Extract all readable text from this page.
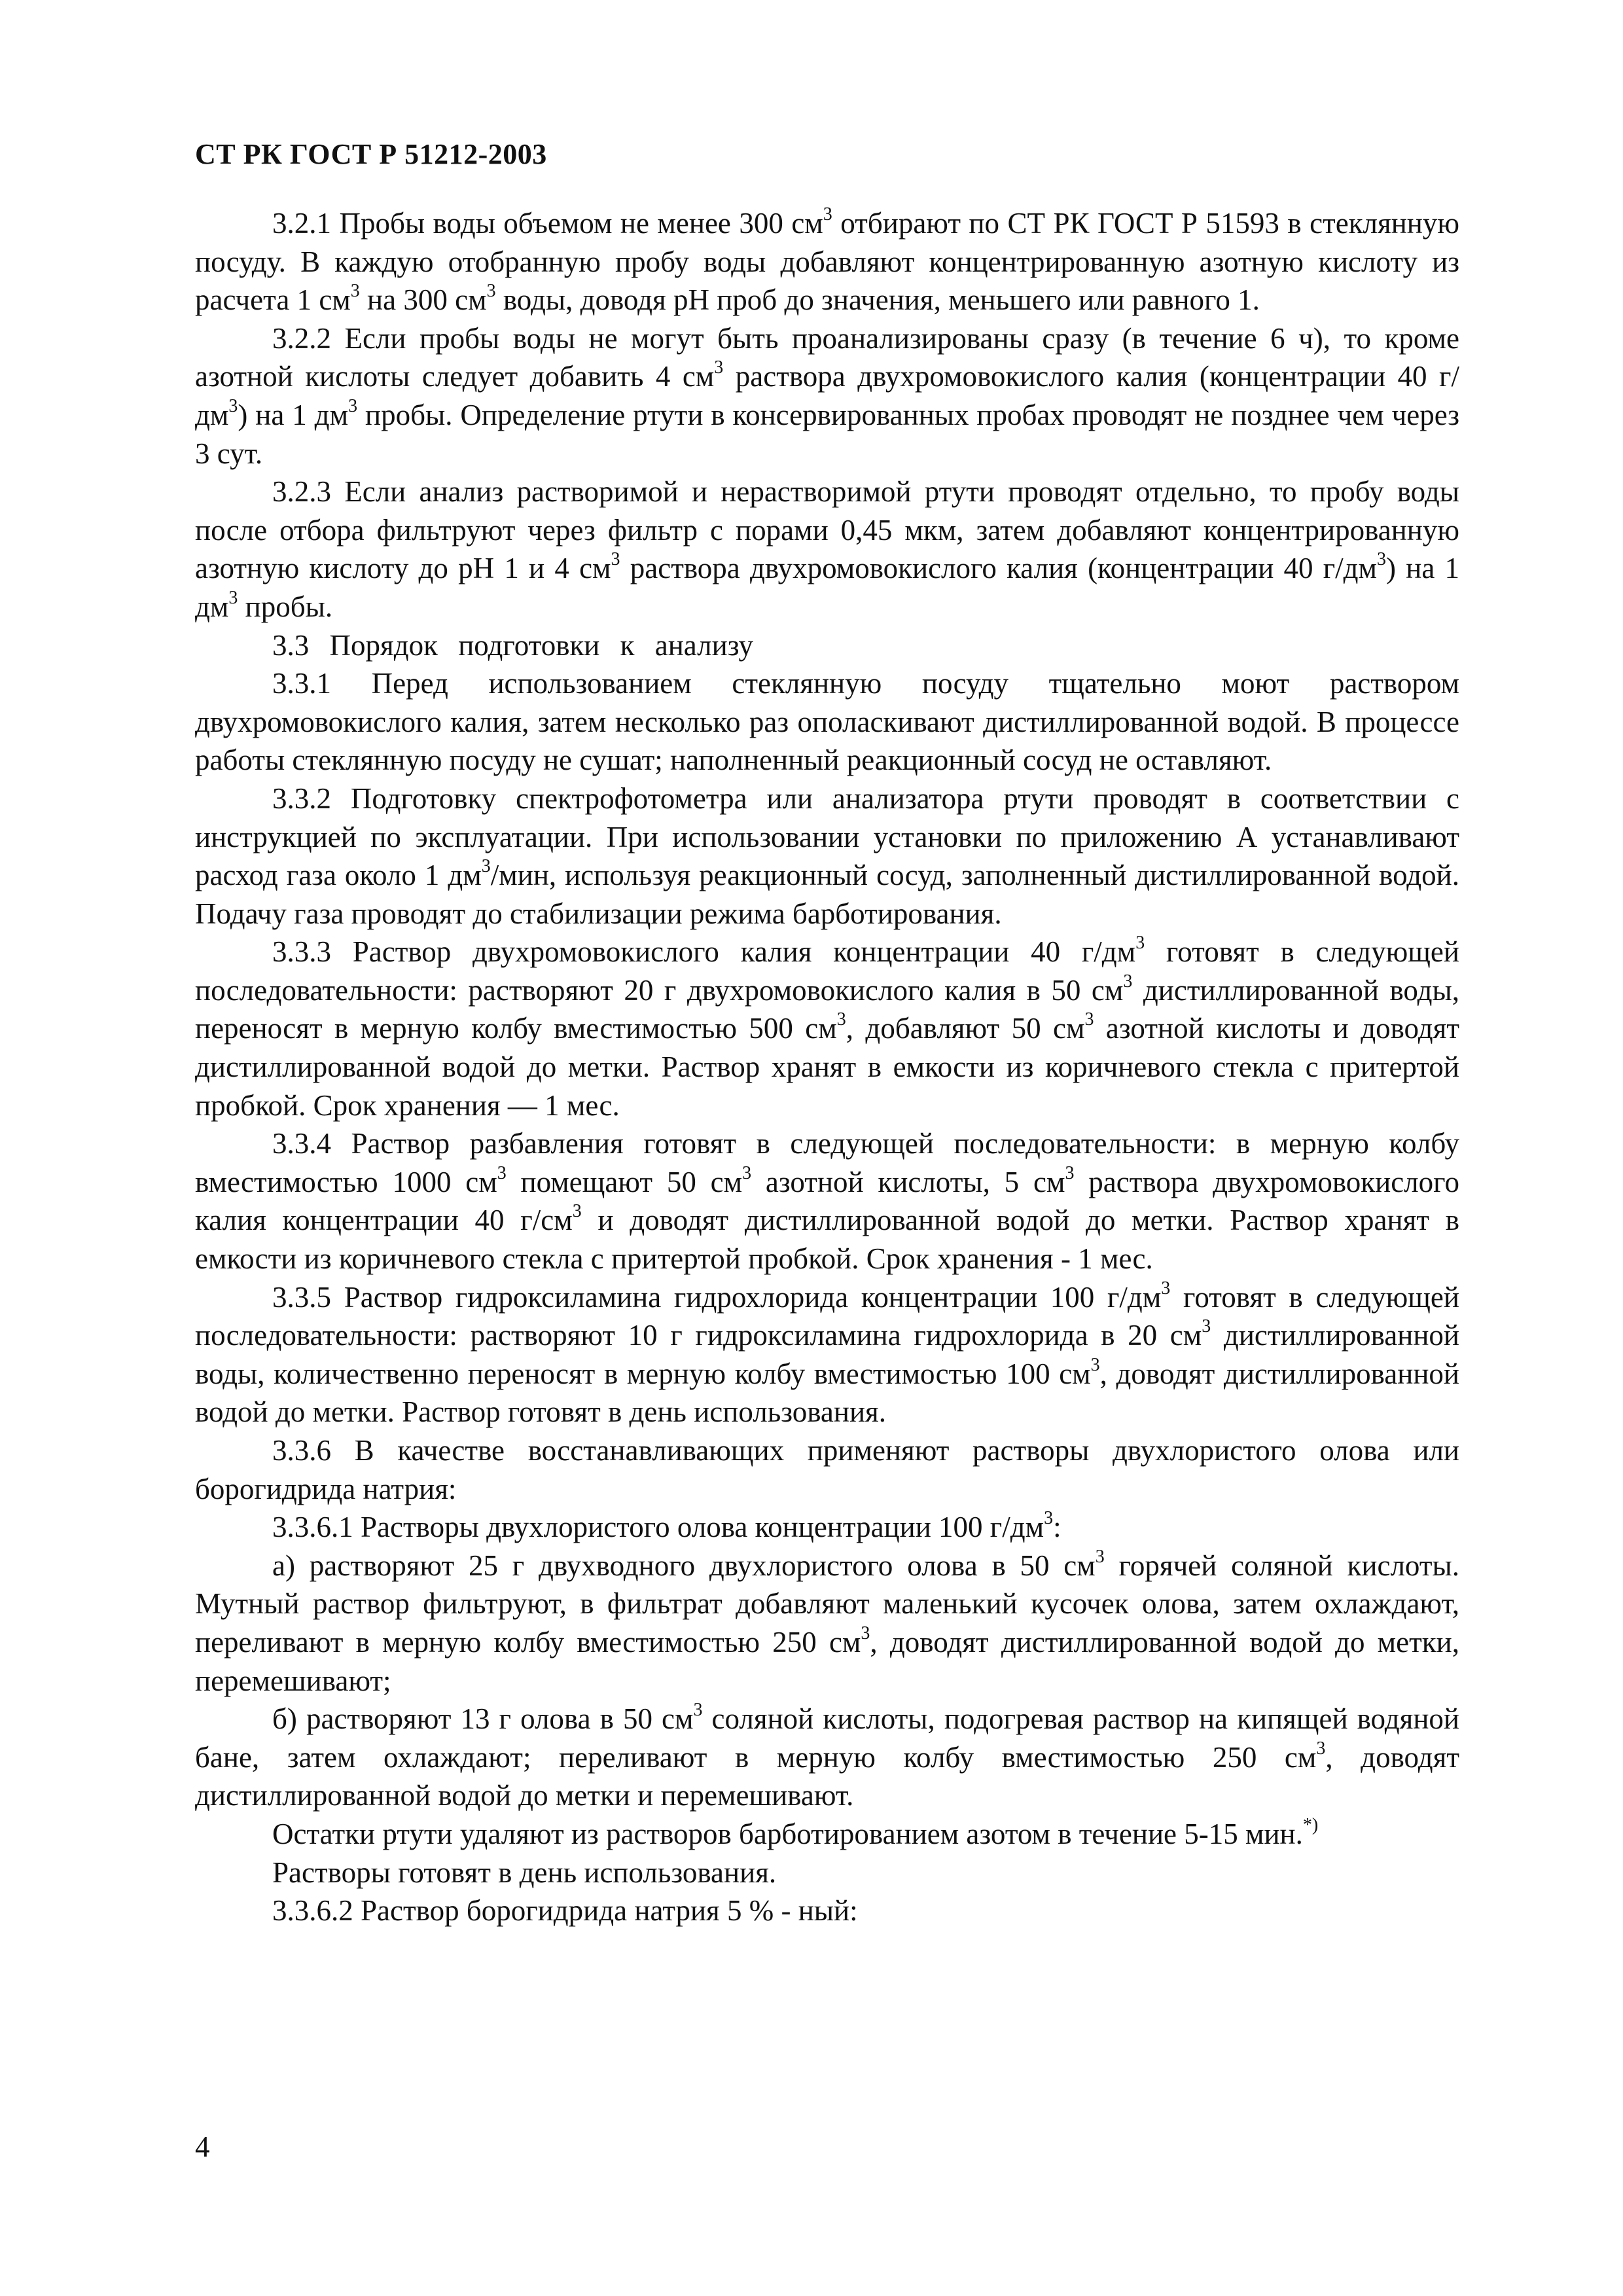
СТ РК ГОСТ Р 51212-2003

3.2.1 Пробы воды объемом не менее 300 $см^3$ отбирают по СТ РК ГОСТ Р 51593 в стеклянную посуду. В каждую отобранную пробу воды добавляют концентрированную азотную кислоту из расчета 1 $см^3$ на 300 $см^3$ воды, доводя pH проб до значения, меньшего или равного 1.

3.2.2 Если пробы воды не могут быть проанализированы сразу (в течение 6 ч), то кроме азотной кислоты следует добавить 4 $см^3$ раствора двухромовокислого калия (концентрации 40 $г/дм^3$) на 1 $дм^3$ пробы. Определение ртути в консервированных пробах проводят не позднее чем через 3 сут.

3.2.3 Если анализ растворимой и нерастворимой ртути проводят отдельно, то пробу воды после отбора фильтруют через фильтр с порами 0,45 мкм, затем добавляют концентрированную азотную кислоту до pH 1 и 4 $см^3$ раствора двухромовокислого калия (концентрации 40 $г/дм^3$) на 1 $дм^3$ пробы.

3.3 Порядок подготовки к анализу

3.3.1 Перед использованием стеклянную посуду тщательно моют раствором двухромовокислого калия, затем несколько раз ополаскивают дистиллированной водой. В процессе работы стеклянную посуду не сушат; наполненный реакционный сосуд не оставляют.

3.3.2 Подготовку спектрофотометра или анализатора ртути проводят в соответствии с инструкцией по эксплуатации. При использовании установки по приложению А устанавливают расход газа около 1 $дм^3$/мин, используя реакционный сосуд, заполненный дистиллированной водой. Подачу газа проводят до стабилизации режима барботирования.

3.3.3 Раствор двухромовокислого калия концентрации 40 $г/дм^3$ готовят в следующей последовательности: растворяют 20 г двухромовокислого калия в 50 $см^3$ дистиллированной воды, переносят в мерную колбу вместимостью 500 $см^3$, добавляют 50 $см^3$ азотной кислоты и доводят дистиллированной водой до метки. Раствор хранят в емкости из коричневого стекла с притертой пробкой. Срок хранения — 1 мес.

3.3.4 Раствор разбавления готовят в следующей последовательности: в мерную колбу вместимостью 1000 $см^3$ помещают 50 $см^3$ азотной кислоты, 5 $см^3$ раствора двухромовокислого калия концентрации 40 $г/см^3$ и доводят дистиллированной водой до метки. Раствор хранят в емкости из коричневого стекла с притертой пробкой. Срок хранения - 1 мес.

3.3.5 Раствор гидроксиламина гидрохлорида концентрации 100 $г/дм^3$ готовят в следующей последовательности: растворяют 10 г гидроксиламина гидрохлорида в 20 $см^3$ дистиллированной воды, количественно переносят в мерную колбу вместимостью 100 $см^3$, доводят дистиллированной водой до метки. Раствор готовят в день использования.

3.3.6 В качестве восстанавливающих применяют растворы двухлористого олова или борогидрида натрия:

3.3.6.1 Растворы двухлористого олова концентрации 100 $г/дм^3$:

а) растворяют 25 г двухводного двухлористого олова в 50 $см^3$ горячей соляной кислоты. Мутный раствор фильтруют, в фильтрат добавляют маленький кусочек олова, затем охлаждают, переливают в мерную колбу вместимостью 250 $см^3$, доводят дистиллированной водой до метки, перемешивают;

б) растворяют 13 г олова в 50 $см^3$ соляной кислоты, подогревая раствор на кипящей водяной бане, затем охлаждают; переливают в мерную колбу вместимостью 250 $см^3$, доводят дистиллированной водой до метки и перемешивают.

Остатки ртути удаляют из растворов барботированием азотом в течение 5-15 мин.*)

Растворы готовят в день использования.

3.3.6.2 Раствор борогидрида натрия 5 % - ный:

4
